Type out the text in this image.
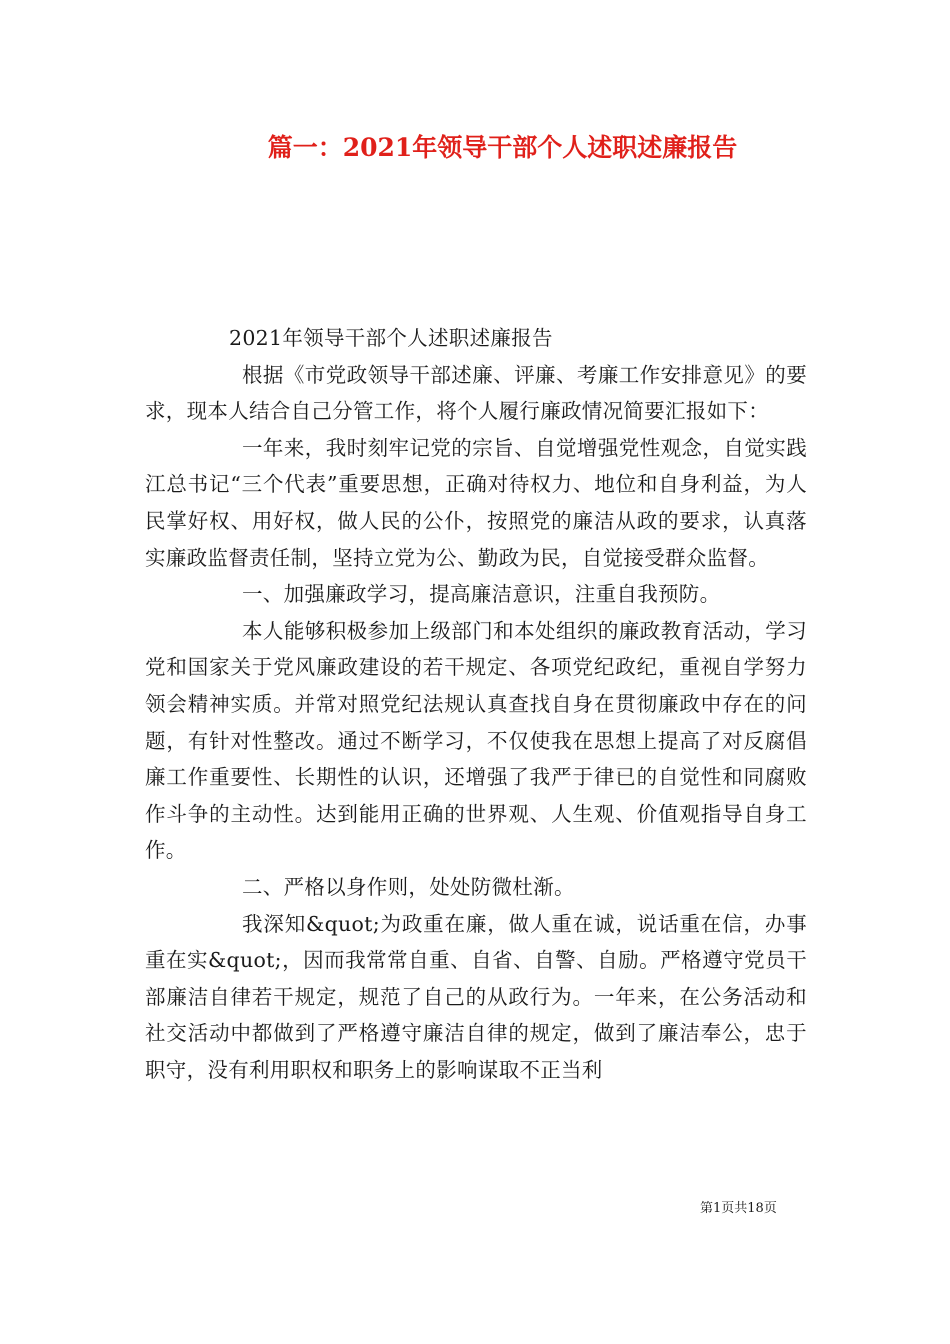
篇一：2021年领导干部个人述职述廉报告
2021年领导干部个人述职述廉报告

根据《市党政领导干部述廉、评廉、考廉工作安排意见》的要求，现本人结合自己分管工作，将个人履行廉政情况简要汇报如下：

一年来，我时刻牢记党的宗旨、自觉增强党性观念，自觉实践江总书记“三个代表”重要思想，正确对待权力、地位和自身利益，为人民掌好权、用好权，做人民的公仆，按照党的廉洁从政的要求，认真落实廉政监督责任制，坚持立党为公、勤政为民，自觉接受群众监督。

一、加强廉政学习，提高廉洁意识，注重自我预防。

本人能够积极参加上级部门和本处组织的廉政教育活动，学习党和国家关于党风廉政建设的若干规定、各项党纪政纪，重视自学努力领会精神实质。并常对照党纪法规认真查找自身在贯彻廉政中存在的问题，有针对性整改。通过不断学习，不仅使我在思想上提高了对反腐倡廉工作重要性、长期性的认识，还增强了我严于律已的自觉性和同腐败作斗争的主动性。达到能用正确的世界观、人生观、价值观指导自身工作。

二、严格以身作则，处处防微杜渐。

我深知&quot;为政重在廉，做人重在诚，说话重在信，办事重在实&quot;，因而我常常自重、自省、自警、自励。严格遵守党员干部廉洁自律若干规定，规范了自己的从政行为。一年来，在公务活动和社交活动中都做到了严格遵守廉洁自律的规定，做到了廉洁奉公，忠于职守，没有利用职权和职务上的影响谋取不正当利

第1页共18页
